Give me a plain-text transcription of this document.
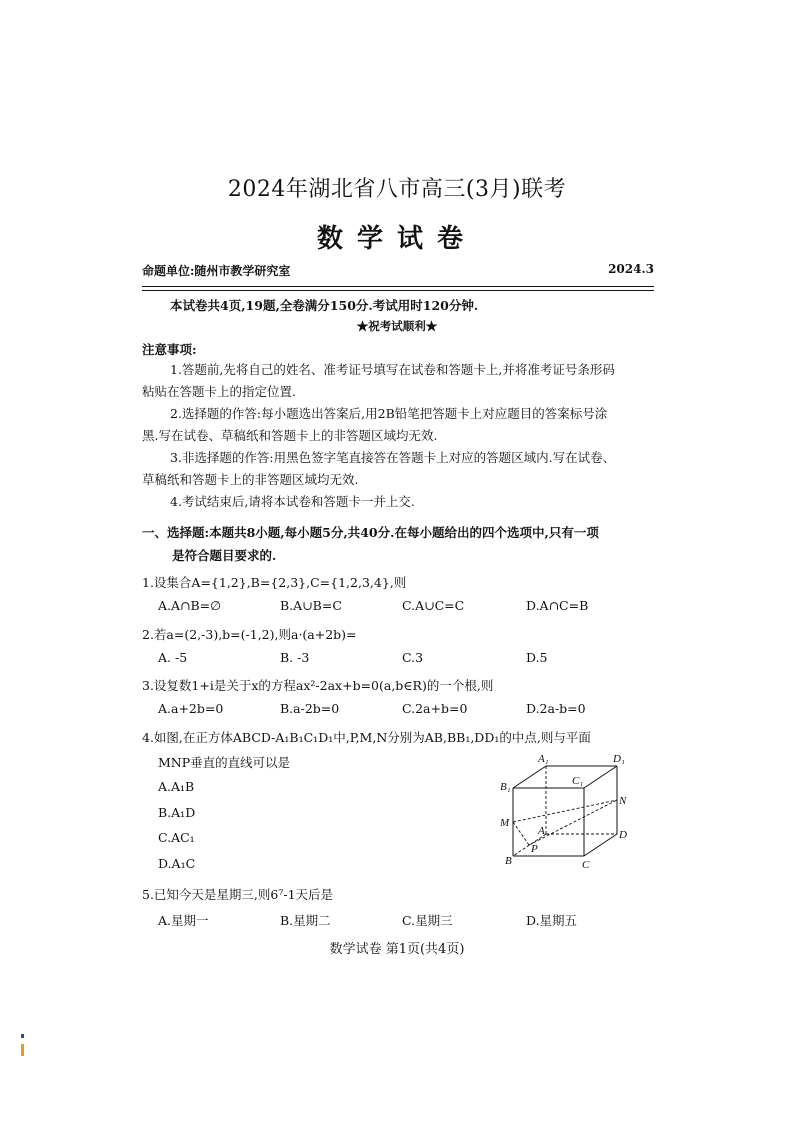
2024年湖北省八市高三(3月)联考
数学试卷
命题单位:随州市教学研究室	2024.3
本试卷共4页,19题,全卷满分150分.考试用时120分钟.
★祝考试顺利★
注意事项:
1.答题前,先将自己的姓名、准考证号填写在试卷和答题卡上,并将准考证号条形码
粘贴在答题卡上的指定位置.
2.选择题的作答:每小题选出答案后,用2B铅笔把答题卡上对应题目的答案标号涂
黑.写在试卷、草稿纸和答题卡上的非答题区域均无效.
3.非选择题的作答:用黑色签字笔直接答在答题卡上对应的答题区域内.写在试卷、
草稿纸和答题卡上的非答题区域均无效.
4.考试结束后,请将本试卷和答题卡一并上交.
一、选择题:本题共8小题,每小题5分,共40分.在每小题给出的四个选项中,只有一项
是符合题目要求的.
1.设集合A={1,2},B={2,3},C={1,2,3,4},则
A.A∩B=∅	B.A∪B=C	C.A∪C=C	D.A∩C=B
2.若a=(2,-3),b=(-1,2),则a·(a+2b)=
A. -5	B. -3	C.3	D.5
3.设复数1+i是关于x的方程ax²-2ax+b=0(a,b∈R)的一个根,则
A.a+2b=0	B.a-2b=0	C.2a+b=0	D.2a-b=0
4.如图,在正方体ABCD-A₁B₁C₁D₁中,P,M,N分别为AB,BB₁,DD₁的中点,则与平面
MNP垂直的直线可以是
A.A₁B
B.A₁D
C.AC₁
D.A₁C
A₁	D₁
B₁	C₁
N
M
A	D
P
B	C
5.已知今天是星期三,则6⁷-1天后是
A.星期一	B.星期二	C.星期三	D.星期五
数学试卷 第1页(共4页)
